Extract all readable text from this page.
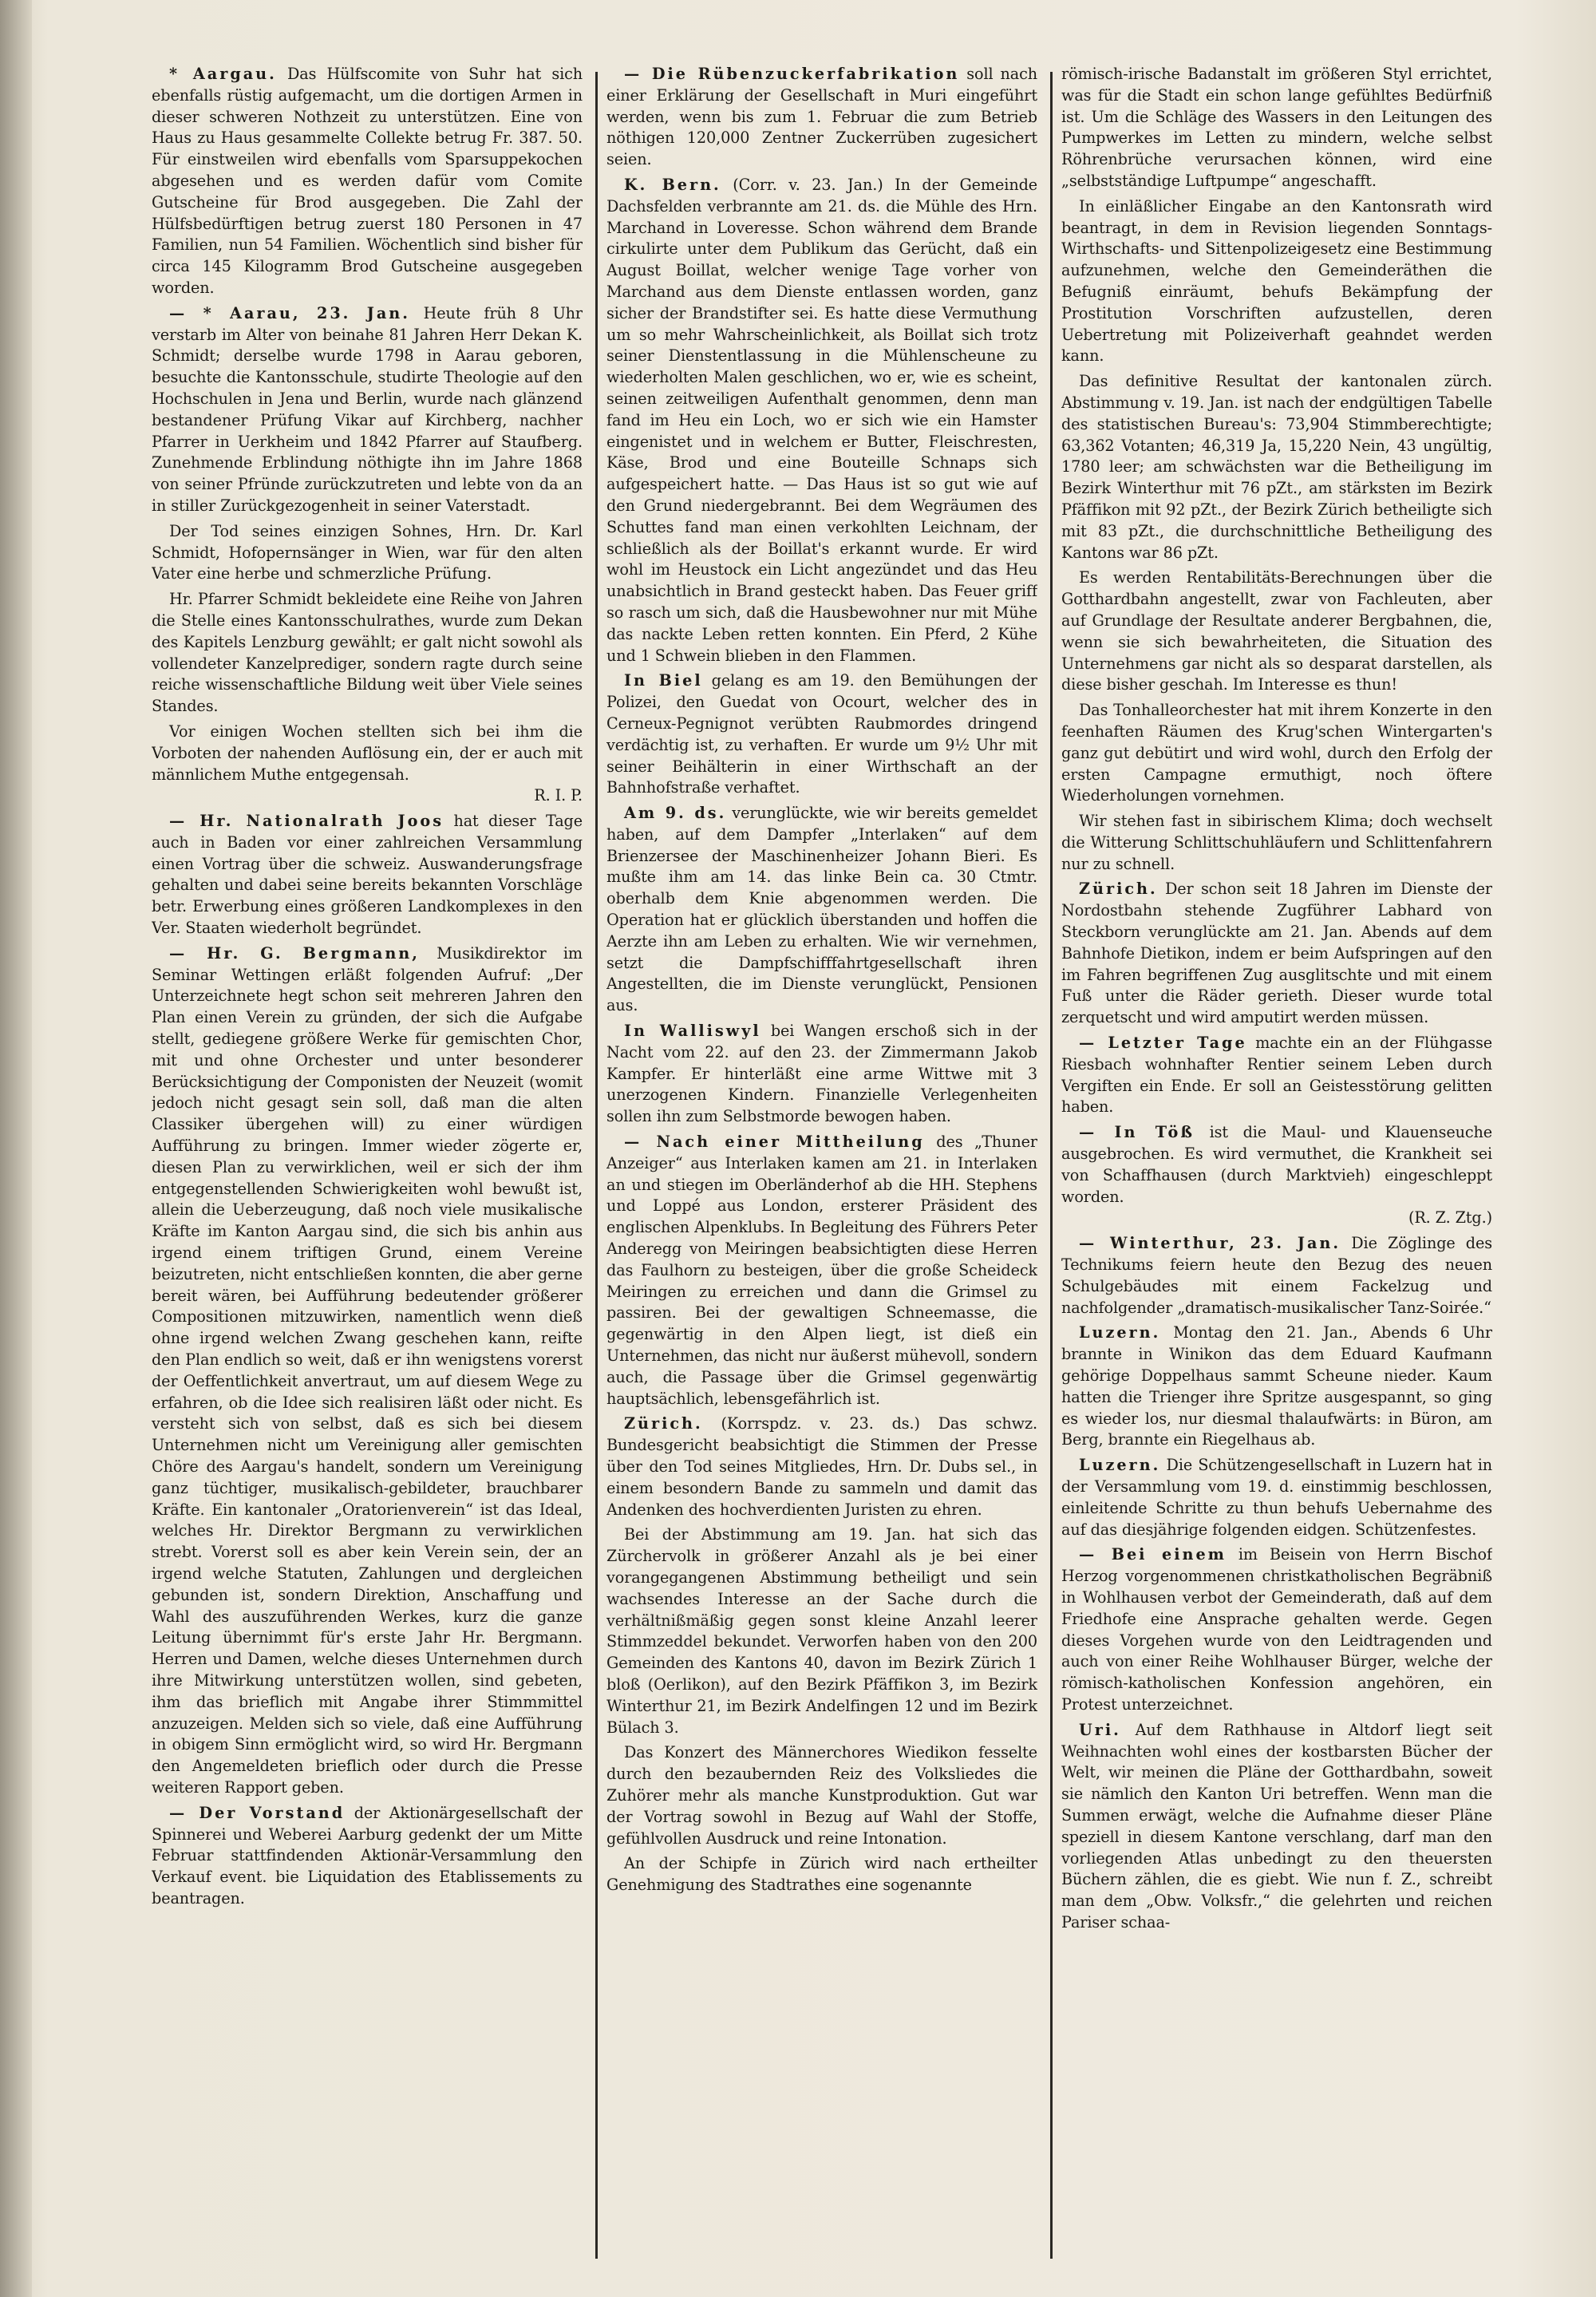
* Aargau. Das Hülfscomite von Suhr hat sich ebenfalls rüstig aufgemacht, um die dortigen Armen in dieser schweren Nothzeit zu unterstützen. Eine von Haus zu Haus gesammelte Collekte betrug Fr. 387. 50. Für einstweilen wird ebenfalls vom Sparsuppekochen abgesehen und es werden dafür vom Comite Gutscheine für Brod ausgegeben. Die Zahl der Hülfsbedürftigen betrug zuerst 180 Personen in 47 Familien, nun 54 Familien. Wöchentlich sind bisher für circa 145 Kilogramm Brod Gutscheine ausgegeben worden.

— * Aarau, 23. Jan. Heute früh 8 Uhr verstarb im Alter von beinahe 81 Jahren Herr Dekan K. Schmidt; derselbe wurde 1798 in Aarau geboren, besuchte die Kantonsschule, studirte Theologie auf den Hochschulen in Jena und Berlin, wurde nach glänzend bestandener Prüfung Vikar auf Kirchberg, nachher Pfarrer in Uerkheim und 1842 Pfarrer auf Staufberg. Zunehmende Erblindung nöthigte ihn im Jahre 1868 von seiner Pfründe zurückzutreten und lebte von da an in stiller Zurückgezogenheit in seiner Vaterstadt.

Der Tod seines einzigen Sohnes, Hrn. Dr. Karl Schmidt, Hofopernsänger in Wien, war für den alten Vater eine herbe und schmerzliche Prüfung.

Hr. Pfarrer Schmidt bekleidete eine Reihe von Jahren die Stelle eines Kantonsschulrathes, wurde zum Dekan des Kapitels Lenzburg gewählt; er galt nicht sowohl als vollendeter Kanzelprediger, sondern ragte durch seine reiche wissenschaftliche Bildung weit über Viele seines Standes.

Vor einigen Wochen stellten sich bei ihm die Vorboten der nahenden Auflösung ein, der er auch mit männlichem Muthe entgegensah.
R. I. P.

— Hr. Nationalrath Joos hat dieser Tage auch in Baden vor einer zahlreichen Versammlung einen Vortrag über die schweiz. Auswanderungsfrage gehalten und dabei seine bereits bekannten Vorschläge betr. Erwerbung eines größeren Landkomplexes in den Ver. Staaten wiederholt begründet.

— Hr. G. Bergmann, Musikdirektor im Seminar Wettingen erläßt folgenden Aufruf: „Der Unterzeichnete hegt schon seit mehreren Jahren den Plan einen Verein zu gründen, der sich die Aufgabe stellt, gediegene größere Werke für gemischten Chor, mit und ohne Orchester und unter besonderer Berücksichtigung der Componisten der Neuzeit (womit jedoch nicht gesagt sein soll, daß man die alten Classiker übergehen will) zu einer würdigen Aufführung zu bringen. Immer wieder zögerte er, diesen Plan zu verwirklichen, weil er sich der ihm entgegenstellenden Schwierigkeiten wohl bewußt ist, allein die Ueberzeugung, daß noch viele musikalische Kräfte im Kanton Aargau sind, die sich bis anhin aus irgend einem triftigen Grund, einem Vereine beizutreten, nicht entschließen konnten, die aber gerne bereit wären, bei Aufführung bedeutender größerer Compositionen mitzuwirken, namentlich wenn dieß ohne irgend welchen Zwang geschehen kann, reifte den Plan endlich so weit, daß er ihn wenigstens vorerst der Oeffentlichkeit anvertraut, um auf diesem Wege zu erfahren, ob die Idee sich realisiren läßt oder nicht. Es versteht sich von selbst, daß es sich bei diesem Unternehmen nicht um Vereinigung aller gemischten Chöre des Aargau's handelt, sondern um Vereinigung ganz tüchtiger, musikalisch-gebildeter, brauchbarer Kräfte. Ein kantonaler „Oratorienverein“ ist das Ideal, welches Hr. Direktor Bergmann zu verwirklichen strebt. Vorerst soll es aber kein Verein sein, der an irgend welche Statuten, Zahlungen und dergleichen gebunden ist, sondern Direktion, Anschaffung und Wahl des auszuführenden Werkes, kurz die ganze Leitung übernimmt für's erste Jahr Hr. Bergmann. Herren und Damen, welche dieses Unternehmen durch ihre Mitwirkung unterstützen wollen, sind gebeten, ihm das brieflich mit Angabe ihrer Stimmmittel anzuzeigen. Melden sich so viele, daß eine Aufführung in obigem Sinn ermöglicht wird, so wird Hr. Bergmann den Angemeldeten brieflich oder durch die Presse weiteren Rapport geben.

— Der Vorstand der Aktionärgesellschaft der Spinnerei und Weberei Aarburg gedenkt der um Mitte Februar stattfindenden Aktionär-Versammlung den Verkauf event. bie Liquidation des Etablissements zu beantragen.

— Die Rübenzuckerfabrikation soll nach einer Erklärung der Gesellschaft in Muri eingeführt werden, wenn bis zum 1. Februar die zum Betrieb nöthigen 120,000 Zentner Zuckerrüben zugesichert seien.

K. Bern. (Corr. v. 23. Jan.) In der Gemeinde Dachsfelden verbrannte am 21. ds. die Mühle des Hrn. Marchand in Loveresse. Schon während dem Brande cirkulirte unter dem Publikum das Gerücht, daß ein August Boillat, welcher wenige Tage vorher von Marchand aus dem Dienste entlassen worden, ganz sicher der Brandstifter sei. Es hatte diese Vermuthung um so mehr Wahrscheinlichkeit, als Boillat sich trotz seiner Dienstentlassung in die Mühlenscheune zu wiederholten Malen geschlichen, wo er, wie es scheint, seinen zeitweiligen Aufenthalt genommen, denn man fand im Heu ein Loch, wo er sich wie ein Hamster eingenistet und in welchem er Butter, Fleischresten, Käse, Brod und eine Bouteille Schnaps sich aufgespeichert hatte. — Das Haus ist so gut wie auf den Grund niedergebrannt. Bei dem Wegräumen des Schuttes fand man einen verkohlten Leichnam, der schließlich als der Boillat's erkannt wurde. Er wird wohl im Heustock ein Licht angezündet und das Heu unabsichtlich in Brand gesteckt haben. Das Feuer griff so rasch um sich, daß die Hausbewohner nur mit Mühe das nackte Leben retten konnten. Ein Pferd, 2 Kühe und 1 Schwein blieben in den Flammen.

In Biel gelang es am 19. den Bemühungen der Polizei, den Guedat von Ocourt, welcher des in Cerneux-Pegnignot verübten Raubmordes dringend verdächtig ist, zu verhaften. Er wurde um 9½ Uhr mit seiner Beihälterin in einer Wirthschaft an der Bahnhofstraße verhaftet.

Am 9. ds. verunglückte, wie wir bereits gemeldet haben, auf dem Dampfer „Interlaken“ auf dem Brienzersee der Maschinenheizer Johann Bieri. Es mußte ihm am 14. das linke Bein ca. 30 Ctmtr. oberhalb dem Knie abgenommen werden. Die Operation hat er glücklich überstanden und hoffen die Aerzte ihn am Leben zu erhalten. Wie wir vernehmen, setzt die Dampfschifffahrtgesellschaft ihren Angestellten, die im Dienste verunglückt, Pensionen aus.

In Walliswyl bei Wangen erschoß sich in der Nacht vom 22. auf den 23. der Zimmermann Jakob Kampfer. Er hinterläßt eine arme Wittwe mit 3 unerzogenen Kindern. Finanzielle Verlegenheiten sollen ihn zum Selbstmorde bewogen haben.

— Nach einer Mittheilung des „Thuner Anzeiger“ aus Interlaken kamen am 21. in Interlaken an und stiegen im Oberländerhof ab die HH. Stephens und Loppé aus London, ersterer Präsident des englischen Alpenklubs. In Begleitung des Führers Peter Anderegg von Meiringen beabsichtigten diese Herren das Faulhorn zu besteigen, über die große Scheideck Meiringen zu erreichen und dann die Grimsel zu passiren. Bei der gewaltigen Schneemasse, die gegenwärtig in den Alpen liegt, ist dieß ein Unternehmen, das nicht nur äußerst mühevoll, sondern auch, die Passage über die Grimsel gegenwärtig hauptsächlich, lebensgefährlich ist.

Zürich. (Korrspdz. v. 23. ds.) Das schwz. Bundesgericht beabsichtigt die Stimmen der Presse über den Tod seines Mitgliedes, Hrn. Dr. Dubs sel., in einem besondern Bande zu sammeln und damit das Andenken des hochverdienten Juristen zu ehren.

Bei der Abstimmung am 19. Jan. hat sich das Zürchervolk in größerer Anzahl als je bei einer vorangegangenen Abstimmung betheiligt und sein wachsendes Interesse an der Sache durch die verhältnißmäßig gegen sonst kleine Anzahl leerer Stimmzeddel bekundet. Verworfen haben von den 200 Gemeinden des Kantons 40, davon im Bezirk Zürich 1 bloß (Oerlikon), auf den Bezirk Pfäffikon 3, im Bezirk Winterthur 21, im Bezirk Andelfingen 12 und im Bezirk Bülach 3.

Das Konzert des Männerchores Wiedikon fesselte durch den bezaubernden Reiz des Volksliedes die Zuhörer mehr als manche Kunstproduktion. Gut war der Vortrag sowohl in Bezug auf Wahl der Stoffe, gefühlvollen Ausdruck und reine Intonation.

An der Schipfe in Zürich wird nach ertheilter Genehmigung des Stadtrathes eine sogenannte

römisch-irische Badanstalt im größeren Styl errichtet, was für die Stadt ein schon lange gefühltes Bedürfniß ist. Um die Schläge des Wassers in den Leitungen des Pumpwerkes im Letten zu mindern, welche selbst Röhrenbrüche verursachen können, wird eine „selbstständige Luftpumpe“ angeschafft.

In einläßlicher Eingabe an den Kantonsrath wird beantragt, in dem in Revision liegenden Sonntags-Wirthschafts- und Sittenpolizeigesetz eine Bestimmung aufzunehmen, welche den Gemeinderäthen die Befugniß einräumt, behufs Bekämpfung der Prostitution Vorschriften aufzustellen, deren Uebertretung mit Polizeiverhaft geahndet werden kann.

Das definitive Resultat der kantonalen zürch. Abstimmung v. 19. Jan. ist nach der endgültigen Tabelle des statistischen Bureau's: 73,904 Stimmberechtigte; 63,362 Votanten; 46,319 Ja, 15,220 Nein, 43 ungültig, 1780 leer; am schwächsten war die Betheiligung im Bezirk Winterthur mit 76 pZt., am stärksten im Bezirk Pfäffikon mit 92 pZt., der Bezirk Zürich betheiligte sich mit 83 pZt., die durchschnittliche Betheiligung des Kantons war 86 pZt.

Es werden Rentabilitäts-Berechnungen über die Gotthardbahn angestellt, zwar von Fachleuten, aber auf Grundlage der Resultate anderer Bergbahnen, die, wenn sie sich bewahrheiteten, die Situation des Unternehmens gar nicht als so desparat darstellen, als diese bisher geschah. Im Interesse es thun!

Das Tonhalleorchester hat mit ihrem Konzerte in den feenhaften Räumen des Krug'schen Wintergarten's ganz gut debütirt und wird wohl, durch den Erfolg der ersten Campagne ermuthigt, noch öftere Wiederholungen vornehmen.

Wir stehen fast in sibirischem Klima; doch wechselt die Witterung Schlittschuhläufern und Schlittenfahrern nur zu schnell.

Zürich. Der schon seit 18 Jahren im Dienste der Nordostbahn stehende Zugführer Labhard von Steckborn verunglückte am 21. Jan. Abends auf dem Bahnhofe Dietikon, indem er beim Aufspringen auf den im Fahren begriffenen Zug ausglitschte und mit einem Fuß unter die Räder gerieth. Dieser wurde total zerquetscht und wird amputirt werden müssen.

— Letzter Tage machte ein an der Flühgasse Riesbach wohnhafter Rentier seinem Leben durch Vergiften ein Ende. Er soll an Geistesstörung gelitten haben.

— In Töß ist die Maul- und Klauenseuche ausgebrochen. Es wird vermuthet, die Krankheit sei von Schaffhausen (durch Marktvieh) eingeschleppt worden.
(R. Z. Ztg.)

— Winterthur, 23. Jan. Die Zöglinge des Technikums feiern heute den Bezug des neuen Schulgebäudes mit einem Fackelzug und nachfolgender „dramatisch-musikalischer Tanz-Soirée.“

Luzern. Montag den 21. Jan., Abends 6 Uhr brannte in Winikon das dem Eduard Kaufmann gehörige Doppelhaus sammt Scheune nieder. Kaum hatten die Trienger ihre Spritze ausgespannt, so ging es wieder los, nur diesmal thalaufwärts: in Büron, am Berg, brannte ein Riegelhaus ab.

Luzern. Die Schützengesellschaft in Luzern hat in der Versammlung vom 19. d. einstimmig beschlossen, einleitende Schritte zu thun behufs Uebernahme des auf das diesjährige folgenden eidgen. Schützenfestes.

— Bei einem im Beisein von Herrn Bischof Herzog vorgenommenen christkatholischen Begräbniß in Wohlhausen verbot der Gemeinderath, daß auf dem Friedhofe eine Ansprache gehalten werde. Gegen dieses Vorgehen wurde von den Leidtragenden und auch von einer Reihe Wohlhauser Bürger, welche der römisch-katholischen Konfession angehören, ein Protest unterzeichnet.

Uri. Auf dem Rathhause in Altdorf liegt seit Weihnachten wohl eines der kostbarsten Bücher der Welt, wir meinen die Pläne der Gotthardbahn, soweit sie nämlich den Kanton Uri betreffen. Wenn man die Summen erwägt, welche die Aufnahme dieser Pläne speziell in diesem Kantone verschlang, darf man den vorliegenden Atlas unbedingt zu den theuersten Büchern zählen, die es giebt. Wie nun f. Z., schreibt man dem „Obw. Volksfr.,“ die gelehrten und reichen Pariser schaa-
